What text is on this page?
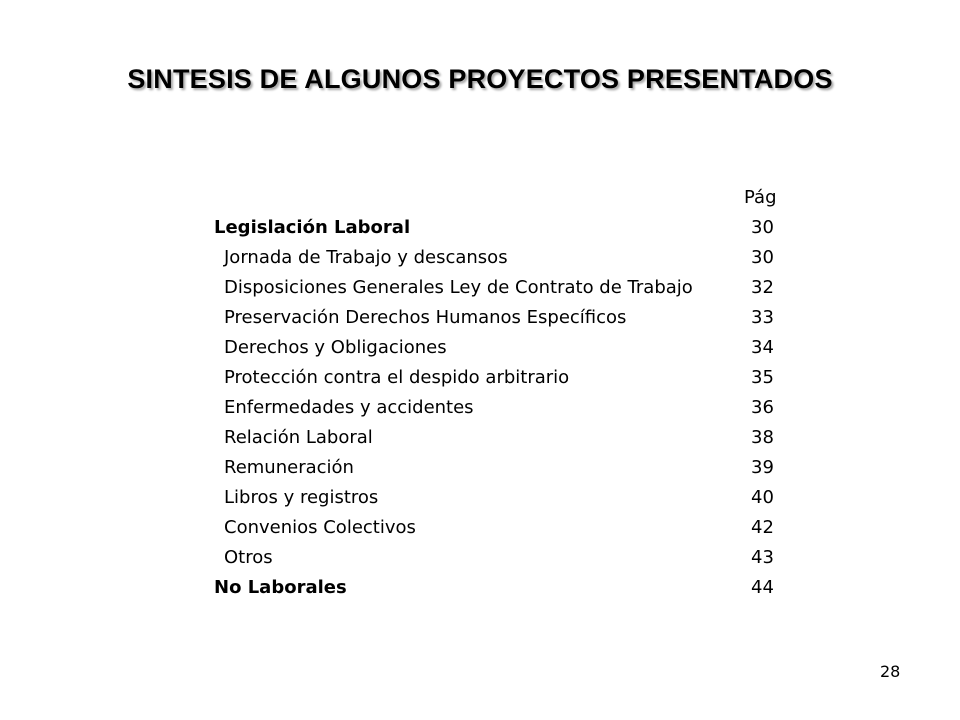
SINTESIS DE ALGUNOS PROYECTOS PRESENTADOS
Pág
Legislación Laboral	30
Jornada de Trabajo y descansos	30
Disposiciones Generales Ley de Contrato de Trabajo	32
Preservación Derechos Humanos Específicos	33
Derechos y Obligaciones	34
Protección contra el despido arbitrario	35
Enfermedades y accidentes	36
Relación Laboral	38
Remuneración	39
Libros y registros	40
Convenios Colectivos	42
Otros	43
No Laborales	44
28
